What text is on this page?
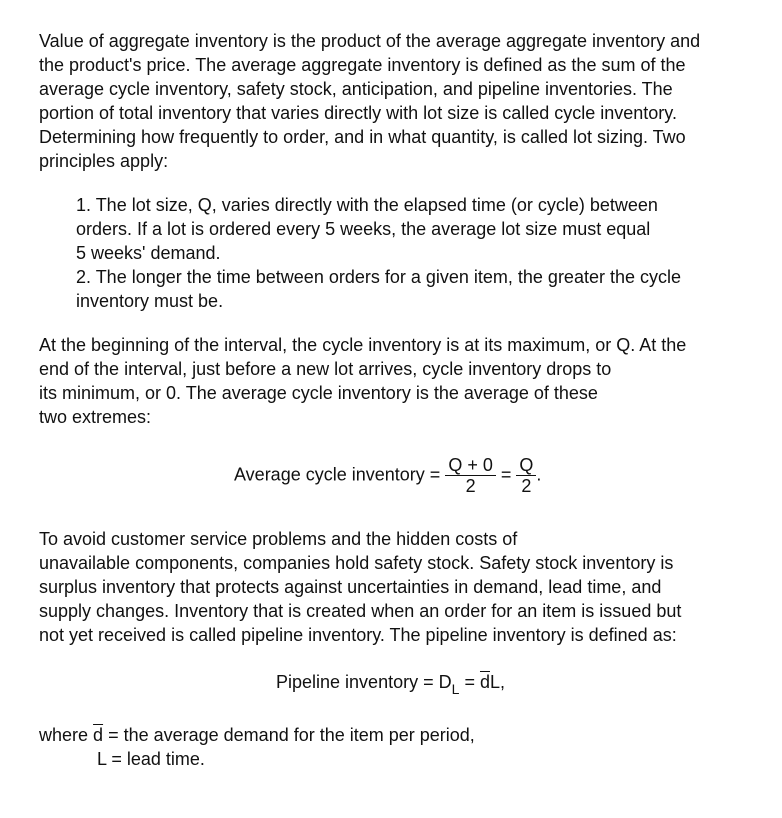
Value of aggregate inventory is the product of the average aggregate inventory and
the product's price. The average aggregate inventory is defined as the sum of the
average cycle inventory, safety stock, anticipation, and pipeline inventories. The
portion of total inventory that varies directly with lot size is called cycle inventory.
Determining how frequently to order, and in what quantity, is called lot sizing. Two
principles apply:
1. The lot size, Q, varies directly with the elapsed time (or cycle) between
orders. If a lot is ordered every 5 weeks, the average lot size must equal
5 weeks' demand.
2. The longer the time between orders for a given item, the greater the cycle
inventory must be.
At the beginning of the interval, the cycle inventory is at its maximum, or Q. At the
end of the interval, just before a new lot arrives, cycle inventory drops to
its minimum, or 0. The average cycle inventory is the average of these
two extremes:
Average cycle inventory = $\frac{Q + 0}{2} = \frac{Q}{2}$ .
To avoid customer service problems and the hidden costs of
unavailable components, companies hold safety stock. Safety stock inventory is
surplus inventory that protects against uncertainties in demand, lead time, and
supply changes. Inventory that is created when an order for an item is issued but
not yet received is called pipeline inventory. The pipeline inventory is defined as:
Pipeline inventory = $D_L = \overline{d}L$,
where $\overline{d}$ = the average demand for the item per period,
L = lead time.
